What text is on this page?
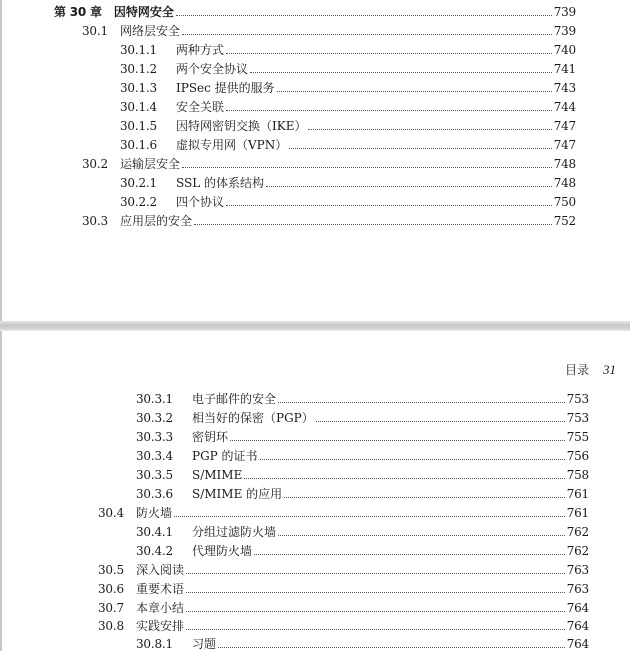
第 30 章	因特网安全	739
30.1	网络层安全	739
30.1.1	两种方式	740
30.1.2	两个安全协议	741
30.1.3	IPSec 提供的服务	743
30.1.4	安全关联	744
30.1.5	因特网密钥交换（IKE）	747
30.1.6	虚拟专用网（VPN）	747
30.2	运输层安全	748
30.2.1	SSL 的体系结构	748
30.2.2	四个协议	750
30.3	应用层的安全	752
目录 31
30.3.1	电子邮件的安全	753
30.3.2	相当好的保密（PGP）	753
30.3.3	密钥环	755
30.3.4	PGP 的证书	756
30.3.5	S/MIME	758
30.3.6	S/MIME 的应用	761
30.4	防火墙	761
30.4.1	分组过滤防火墙	762
30.4.2	代理防火墙	762
30.5	深入阅读	763
30.6	重要术语	763
30.7	本章小结	764
30.8	实践安排	764
30.8.1	习题	764
